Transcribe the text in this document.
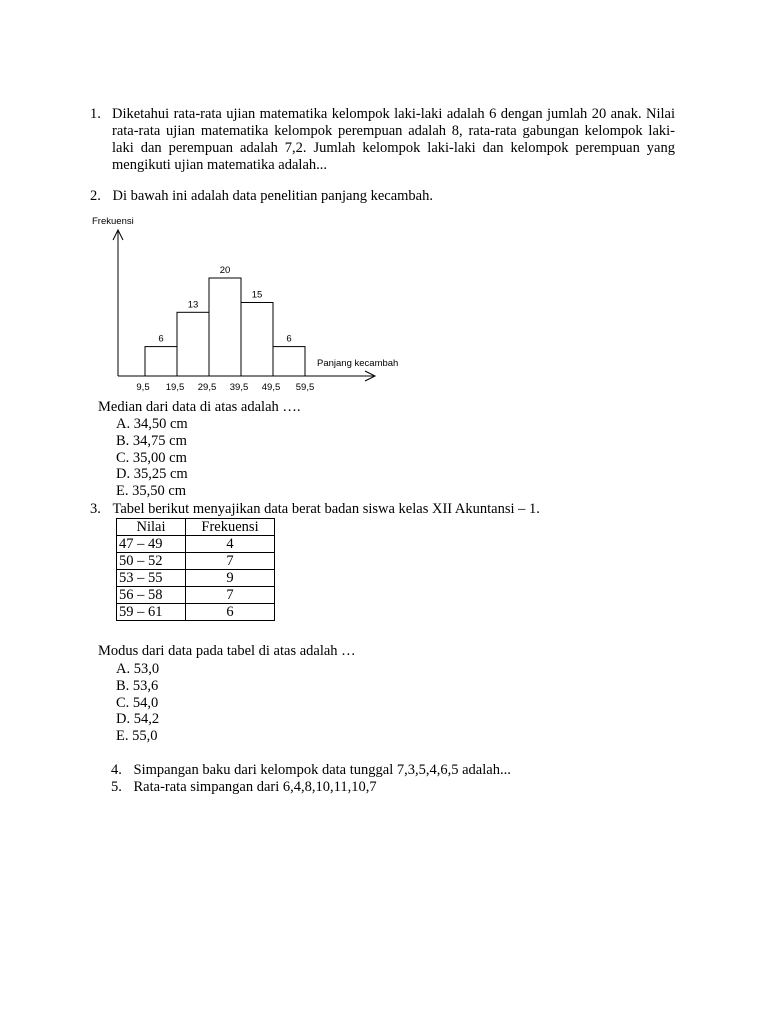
1. Diketahui rata-rata ujian matematika kelompok laki-laki adalah 6 dengan jumlah 20 anak. Nilai rata-rata ujian matematika kelompok perempuan adalah 8, rata-rata gabungan kelompok laki-laki dan perempuan adalah 7,2. Jumlah kelompok laki-laki dan kelompok perempuan yang mengikuti ujian matematika adalah...
2. Di bawah ini adalah data penelitian panjang kecambah.
Frekuensi
Panjang kecambah
6
13
20
15
6
9,5 19,5 29,5 39,5 49,5 59,5
Median dari data di atas adalah ….
A. 34,50 cm
B. 34,75 cm
C. 35,00 cm
D. 35,25 cm
E. 35,50 cm
3. Tabel berikut menyajikan data berat badan siswa kelas XII Akuntansi – 1.
Nilai	Frekuensi
47 – 49	4
50 – 52	7
53 – 55	9
56 – 58	7
59 – 61	6
Modus dari data pada tabel di atas adalah …
A. 53,0
B. 53,6
C. 54,0
D. 54,2
E. 55,0
4. Simpangan baku dari kelompok data tunggal 7,3,5,4,6,5 adalah...
5. Rata-rata simpangan dari 6,4,8,10,11,10,7
